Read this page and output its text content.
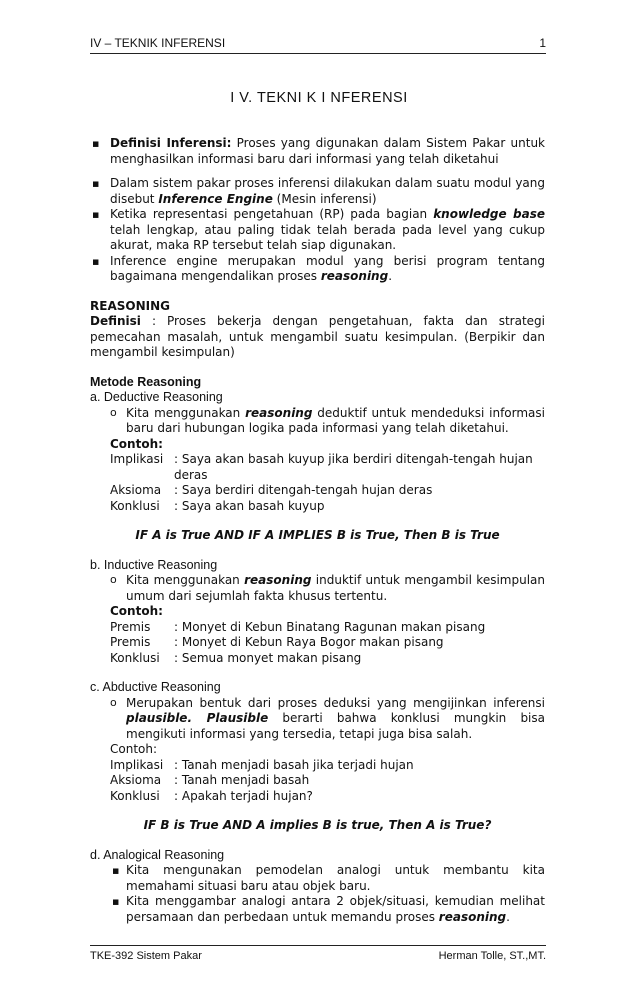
IV – TEKNIK INFERENSI	1
I V. TEKNI K I NFERENSI
▪ Definisi Inferensi: Proses yang digunakan dalam Sistem Pakar untuk menghasilkan informasi baru dari informasi yang telah diketahui
▪ Dalam sistem pakar proses inferensi dilakukan dalam suatu modul yang disebut Inference Engine (Mesin inferensi)
▪ Ketika representasi pengetahuan (RP) pada bagian knowledge base telah lengkap, atau paling tidak telah berada pada level yang cukup akurat, maka RP tersebut telah siap digunakan.
▪ Inference engine merupakan modul yang berisi program tentang bagaimana mengendalikan proses reasoning.
REASONING
Definisi : Proses bekerja dengan pengetahuan, fakta dan strategi pemecahan masalah, untuk mengambil suatu kesimpulan. (Berpikir dan mengambil kesimpulan)
Metode Reasoning
a. Deductive Reasoning
o Kita menggunakan reasoning deduktif untuk mendeduksi informasi baru dari hubungan logika pada informasi yang telah diketahui.
Contoh:
Implikasi : Saya akan basah kuyup jika berdiri ditengah-tengah hujan deras
Aksioma	: Saya berdiri ditengah-tengah hujan deras
Konklusi	: Saya akan basah kuyup
IF A is True AND IF A IMPLIES B is True, Then B is True
b. Inductive Reasoning
o Kita menggunakan reasoning induktif untuk mengambil kesimpulan umum dari sejumlah fakta khusus tertentu.
Contoh:
Premis	: Monyet di Kebun Binatang Ragunan makan pisang
Premis	: Monyet di Kebun Raya Bogor makan pisang
Konklusi	: Semua monyet makan pisang
c. Abductive Reasoning
o Merupakan bentuk dari proses deduksi yang mengijinkan inferensi plausible. Plausible berarti bahwa konklusi mungkin bisa mengikuti informasi yang tersedia, tetapi juga bisa salah.
Contoh:
Implikasi : Tanah menjadi basah jika terjadi hujan
Aksioma	: Tanah menjadi basah
Konklusi	: Apakah terjadi hujan?
IF B is True AND A implies B is true, Then A is True?
d. Analogical Reasoning
▪ Kita mengunakan pemodelan analogi untuk membantu kita memahami situasi baru atau objek baru.
▪ Kita menggambar analogi antara 2 objek/situasi, kemudian melihat persamaan dan perbedaan untuk memandu proses reasoning.
TKE-392 Sistem Pakar	Herman Tolle, ST.,MT.
